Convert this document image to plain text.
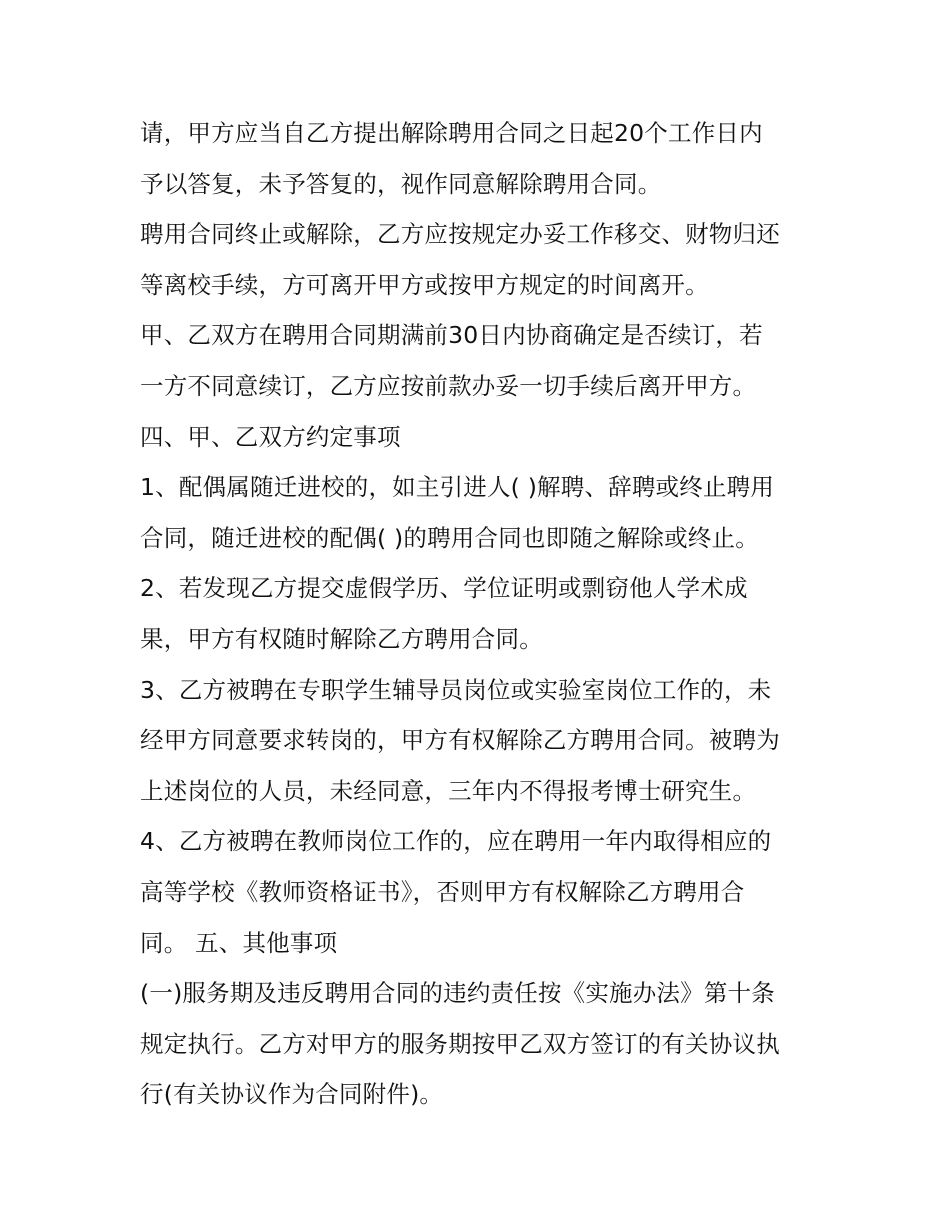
请，甲方应当自乙方提出解除聘用合同之日起20个工作日内
予以答复，未予答复的，视作同意解除聘用合同。
聘用合同终止或解除，乙方应按规定办妥工作移交、财物归还
等离校手续，方可离开甲方或按甲方规定的时间离开。
甲、乙双方在聘用合同期满前30日内协商确定是否续订，若
一方不同意续订，乙方应按前款办妥一切手续后离开甲方。
四、甲、乙双方约定事项
1、配偶属随迁进校的，如主引进人( )解聘、辞聘或终止聘用
合同，随迁进校的配偶( )的聘用合同也即随之解除或终止。
2、若发现乙方提交虚假学历、学位证明或剽窃他人学术成
果，甲方有权随时解除乙方聘用合同。
3、乙方被聘在专职学生辅导员岗位或实验室岗位工作的，未
经甲方同意要求转岗的，甲方有权解除乙方聘用合同。被聘为
上述岗位的人员，未经同意，三年内不得报考博士研究生。
4、乙方被聘在教师岗位工作的，应在聘用一年内取得相应的
高等学校《教师资格证书》，否则甲方有权解除乙方聘用合
同。 五、其他事项
(一)服务期及违反聘用合同的违约责任按《实施办法》第十条
规定执行。乙方对甲方的服务期按甲乙双方签订的有关协议执
行(有关协议作为合同附件)。
